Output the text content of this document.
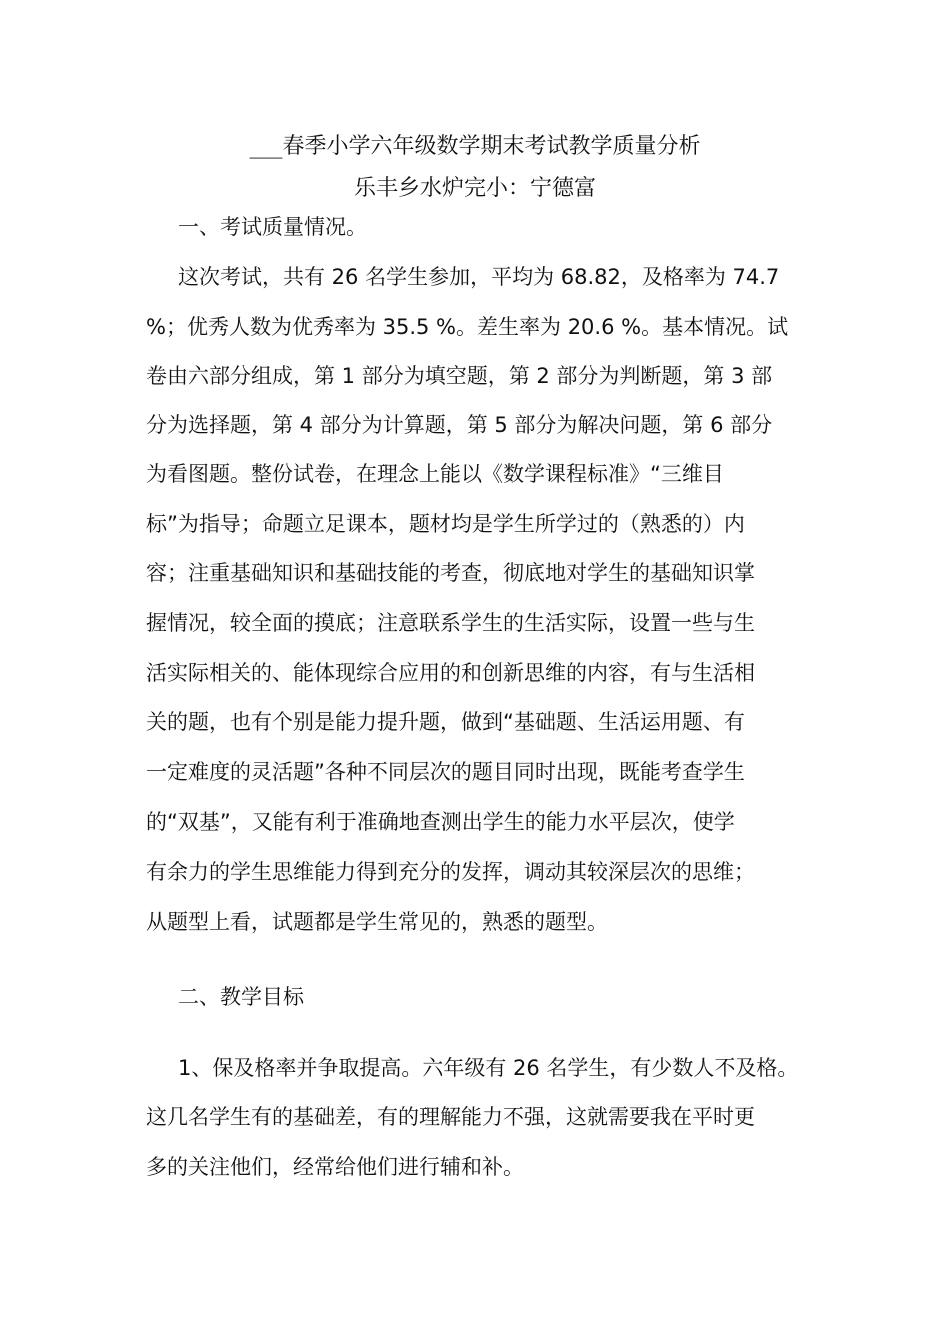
___春季小学六年级数学期末考试教学质量分析
乐丰乡水炉完小：宁德富
一、考试质量情况。
这次考试，共有 26 名学生参加，平均为 68.82，及格率为 74.7
%；优秀人数为优秀率为 35.5 %。差生率为 20.6 %。基本情况。试
卷由六部分组成，第 1 部分为填空题，第 2 部分为判断题，第 3 部
分为选择题，第 4 部分为计算题，第 5 部分为解决问题，第 6 部分
为看图题。整份试卷，在理念上能以《数学课程标准》“三维目
标”为指导；命题立足课本，题材均是学生所学过的（熟悉的）内
容；注重基础知识和基础技能的考查，彻底地对学生的基础知识掌
握情况，较全面的摸底；注意联系学生的生活实际，设置一些与生
活实际相关的、能体现综合应用的和创新思维的内容，有与生活相
关的题，也有个别是能力提升题，做到“基础题、生活运用题、有
一定难度的灵活题”各种不同层次的题目同时出现，既能考查学生
的“双基”，又能有利于准确地查测出学生的能力水平层次，使学
有余力的学生思维能力得到充分的发挥，调动其较深层次的思维；
从题型上看，试题都是学生常见的，熟悉的题型。
二、教学目标
1、保及格率并争取提高。六年级有 26 名学生，有少数人不及格。
这几名学生有的基础差，有的理解能力不强，这就需要我在平时更
多的关注他们，经常给他们进行辅和补。
